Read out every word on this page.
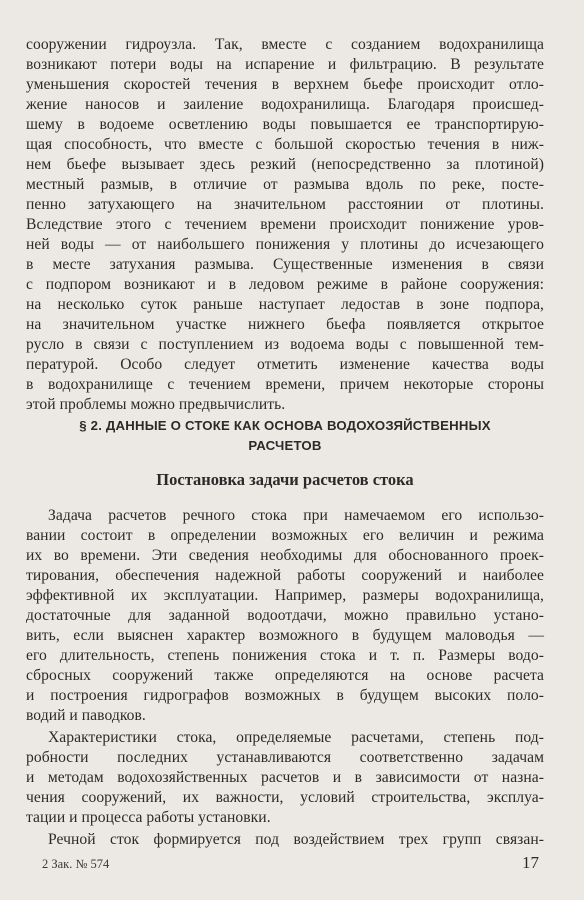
сооружении гидроузла. Так, вместе с созданием водохранилища
возникают потери воды на испарение и фильтрацию. В результате
уменьшения скоростей течения в верхнем бьефе происходит отло-
жение наносов и заиление водохранилища. Благодаря происшед-
шему в водоеме осветлению воды повышается ее транспортирую-
щая способность, что вместе с большой скоростью течения в ниж-
нем бьефе вызывает здесь резкий (непосредственно за плотиной)
местный размыв, в отличие от размыва вдоль по реке, посте-
пенно затухающего на значительном расстоянии от плотины.
Вследствие этого с течением времени происходит понижение уров-
ней воды — от наибольшего понижения у плотины до исчезающего
в месте затухания размыва. Существенные изменения в связи
с подпором возникают и в ледовом режиме в районе сооружения:
на несколько суток раньше наступает ледостав в зоне подпора,
на значительном участке нижнего бьефа появляется открытое
русло в связи с поступлением из водоема воды с повышенной тем-
пературой. Особо следует отметить изменение качества воды
в водохранилище с течением времени, причем некоторые стороны
этой проблемы можно предвычислить.
§ 2. ДАННЫЕ О СТОКЕ КАК ОСНОВА ВОДОХОЗЯЙСТВЕННЫХ
РАСЧЕТОВ
Постановка задачи расчетов стока
Задача расчетов речного стока при намечаемом его использо-
вании состоит в определении возможных его величин и режима
их во времени. Эти сведения необходимы для обоснованного проек-
тирования, обеспечения надежной работы сооружений и наиболее
эффективной их эксплуатации. Например, размеры водохранилища,
достаточные для заданной водоотдачи, можно правильно устано-
вить, если выяснен характер возможного в будущем маловодья —
его длительность, степень понижения стока и т. п. Размеры водо-
сбросных сооружений также определяются на основе расчета
и построения гидрографов возможных в будущем высоких поло-
водий и паводков.
Характеристики стока, определяемые расчетами, степень под-
робности последних устанавливаются соответственно задачам
и методам водохозяйственных расчетов и в зависимости от назна-
чения сооружений, их важности, условий строительства, эксплуа-
тации и процесса работы установки.
2 Зак. № 574	17
Речной сток формируется под воздействием трех групп связан-
